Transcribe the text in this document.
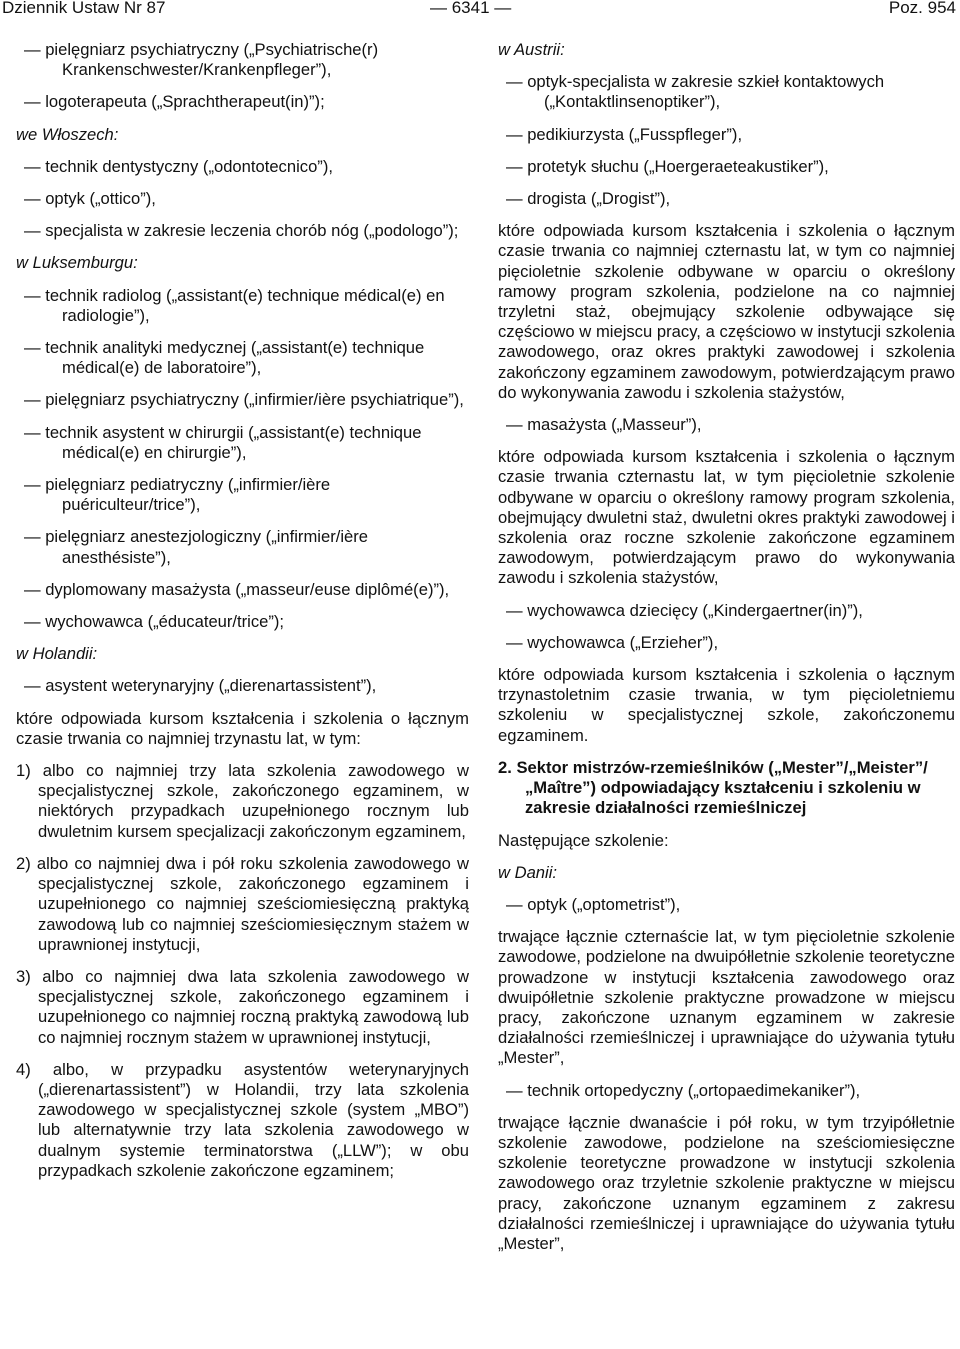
Dziennik Ustaw Nr 87	— 6341 —	Poz. 954

— pielęgniarz psychiatryczny („Psychiatrische(r) Krankenschwester/Krankenpfleger”),

— logoterapeuta („Sprachtherapeut(in)”);

we Włoszech:

— technik dentystyczny („odontotecnico”),

— optyk („ottico”),

— specjalista w zakresie leczenia chorób nóg („podologo”);

w Luksemburgu:

— technik radiolog („assistant(e) technique médical(e) en radiologie”),

— technik analityki medycznej („assistant(e) technique médical(e) de laboratoire”),

— pielęgniarz psychiatryczny („infirmier/ière psychiatrique”),

— technik asystent w chirurgii („assistant(e) technique médical(e) en chirurgie”),

— pielęgniarz pediatryczny („infirmier/ière puériculteur/trice”),

— pielęgniarz anestezjologiczny („infirmier/ière anesthésiste”),

— dyplomowany masażysta („masseur/euse diplômé(e)”),

— wychowawca („éducateur/trice”);

w Holandii:

— asystent weterynaryjny („dierenartassistent”),

które odpowiada kursom kształcenia i szkolenia o łącznym czasie trwania co najmniej trzynastu lat, w tym:

1) albo co najmniej trzy lata szkolenia zawodowego w specjalistycznej szkole, zakończonego egzaminem, w niektórych przypadkach uzupełnionego rocznym lub dwuletnim kursem specjalizacji zakończonym egzaminem,

2) albo co najmniej dwa i pół roku szkolenia zawodowego w specjalistycznej szkole, zakończonego egzaminem i uzupełnionego co najmniej sześciomiesięczną praktyką zawodową lub co najmniej sześciomiesięcznym stażem w uprawnionej instytucji,

3) albo co najmniej dwa lata szkolenia zawodowego w specjalistycznej szkole, zakończonego egzaminem i uzupełnionego co najmniej roczną praktyką zawodową lub co najmniej rocznym stażem w uprawnionej instytucji,

4) albo, w przypadku asystentów weterynaryjnych („dierenartassistent”) w Holandii, trzy lata szkolenia zawodowego w specjalistycznej szkole (system „MBO”) lub alternatywnie trzy lata szkolenia zawodowego w dualnym systemie terminatorstwa („LLW”); w obu przypadkach szkolenie zakończone egzaminem;

w Austrii:

— optyk-specjalista w zakresie szkieł kontaktowych („Kontaktlinsenoptiker”),

— pedikiurzysta („Fusspfleger”),

— protetyk słuchu („Hoergeraeteakustiker”),

— drogista („Drogist”),

które odpowiada kursom kształcenia i szkolenia o łącznym czasie trwania co najmniej czternastu lat, w tym co najmniej pięcioletnie szkolenie odbywane w oparciu o określony ramowy program szkolenia, podzielone na co najmniej trzyletni staż, obejmujący szkolenie odbywające się częściowo w miejscu pracy, a częściowo w instytucji szkolenia zawodowego, oraz okres praktyki zawodowej i szkolenia zakończony egzaminem zawodowym, potwierdzającym prawo do wykonywania zawodu i szkolenia stażystów,

— masażysta („Masseur”),

które odpowiada kursom kształcenia i szkolenia o łącznym czasie trwania czternastu lat, w tym pięcioletnie szkolenie odbywane w oparciu o określony ramowy program szkolenia, obejmujący dwuletni staż, dwuletni okres praktyki zawodowej i szkolenia oraz roczne szkolenie zakończone egzaminem zawodowym, potwierdzającym prawo do wykonywania zawodu i szkolenia stażystów,

— wychowawca dziecięcy („Kindergaertner(in)”),

— wychowawca („Erzieher”),

które odpowiada kursom kształcenia i szkolenia o łącznym trzynastoletnim czasie trwania, w tym pięcioletniemu szkoleniu w specjalistycznej szkole, zakończonemu egzaminem.

2. Sektor mistrzów-rzemieślników („Mester”/„Meister”/„Maître”) odpowiadający kształceniu i szkoleniu w zakresie działalności rzemieślniczej

Następujące szkolenie:

w Danii:

— optyk („optometrist”),

trwające łącznie czternaście lat, w tym pięcioletnie szkolenie zawodowe, podzielone na dwuipółletnie szkolenie teoretyczne prowadzone w instytucji kształcenia zawodowego oraz dwuipółletnie szkolenie praktyczne prowadzone w miejscu pracy, zakończone uznanym egzaminem w zakresie działalności rzemieślniczej i uprawniające do używania tytułu „Mester”,

— technik ortopedyczny („ortopaedimekaniker”),

trwające łącznie dwanaście i pół roku, w tym trzyipółletnie szkolenie zawodowe, podzielone na sześciomiesięczne szkolenie teoretyczne prowadzone w instytucji szkolenia zawodowego oraz trzyletnie szkolenie praktyczne w miejscu pracy, zakończone uznanym egzaminem z zakresu działalności rzemieślniczej i uprawniające do używania tytułu „Mester”,
